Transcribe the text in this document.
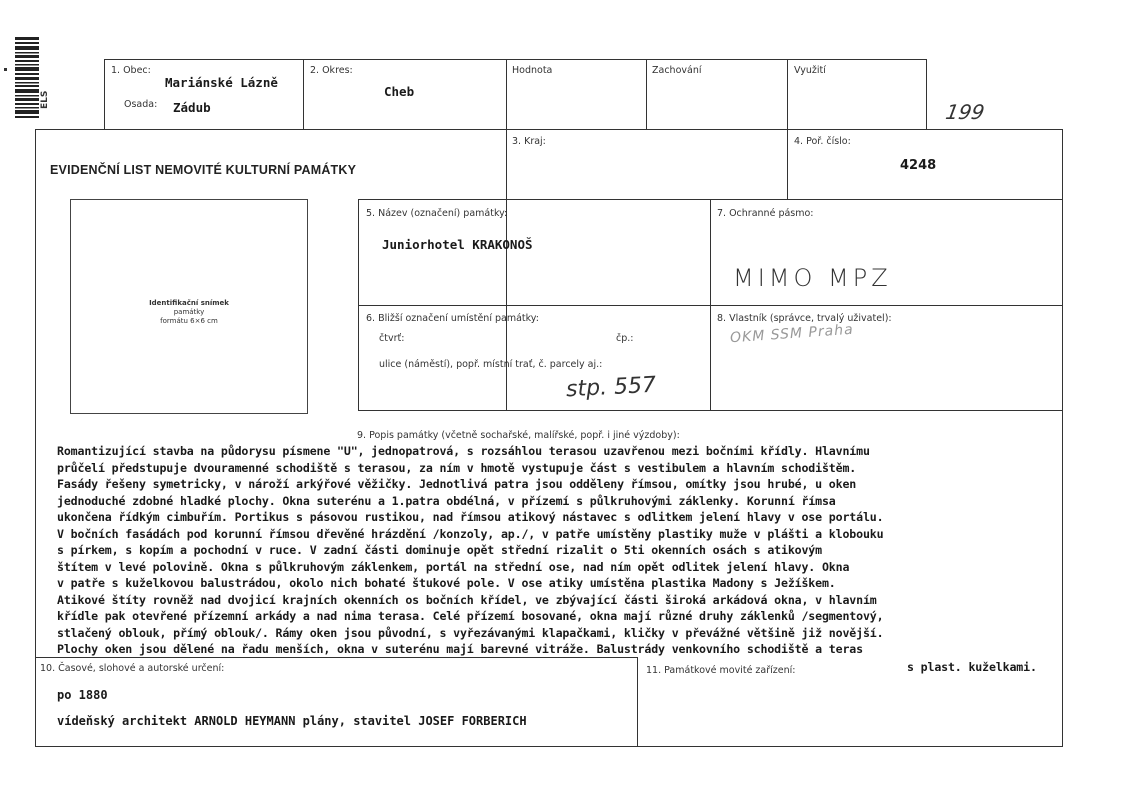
ELS
1. Obec:
Mariánské Lázně
Osada: Zádub
2. Okres:
Cheb
Hodnota	Zachování	Využití
199
EVIDENČNÍ LIST NEMOVITÉ KULTURNÍ PAMÁTKY
3. Kraj:	4. Poř. číslo:
4248
Identifikační snímek
památky
formátu 6×6 cm
5. Název (označení) památky:
Juniorhotel KRAKONOŠ
7. Ochranné pásmo:
MIMO MPZ
6. Bližší označení umístění památky:
čtvrť:	čp.:
ulice (náměstí), popř. místní trať, č. parcely aj.:
stp. 557
8. Vlastník (správce, trvalý uživatel):
OKM SSM Praha
9. Popis památky (včetně sochařské, malířské, popř. i jiné výzdoby):
Romantizující stavba na půdorysu písmene "U", jednopatrová, s rozsáhlou terasou uzavřenou mezi bočními křídly. Hlavnímu
průčelí předstupuje dvouramenné schodiště s terasou, za ním v hmotě vystupuje část s vestibulem a hlavním schodištěm.
Fasády řešeny symetricky, v nároží arkýřové věžičky. Jednotlivá patra jsou odděleny římsou, omítky jsou hrubé, u oken
jednoduché zdobné hladké plochy. Okna suterénu a 1.patra obdélná, v přízemí s půlkruhovými záklenky. Korunní římsa
ukončena řídkým cimbuřím. Portikus s pásovou rustikou, nad římsou atikový nástavec s odlitkem jelení hlavy v ose portálu.
V bočních fasádách pod korunní římsou dřevěné hrázdění /konzoly, ap./, v patře umístěny plastiky muže v plášti a klobouku
s pírkem, s kopím a pochodní v ruce. V zadní části dominuje opět střední rizalit o 5ti okenních osách s atikovým
štítem v levé polovině. Okna s půlkruhovým záklenkem, portál na střední ose, nad ním opět odlitek jelení hlavy. Okna
v patře s kuželkovou balustrádou, okolo nich bohaté štukové pole. V ose atiky umístěna plastika Madony s Ježíškem.
Atikové štíty rovněž nad dvojicí krajních okenních os bočních křídel, ve zbývající části široká arkádová okna, v hlavním
křídle pak otevřené přízemní arkády a nad nima terasa. Celé přízemí bosované, okna mají různé druhy záklenků /segmentový,
stlačený oblouk, přímý oblouk/. Rámy oken jsou původní, s vyřezávanými klapačkami, kličky v převážné většině již novější.
Plochy oken jsou dělené na řadu menších, okna v suterénu mají barevné vitráže. Balustrády venkovního schodiště a teras
s plast. kuželkami.
10. Časové, slohové a autorské určení:
po 1880
vídeňský architekt ARNOLD HEYMANN plány, stavitel JOSEF FORBERICH
11. Památkové movité zařízení:
